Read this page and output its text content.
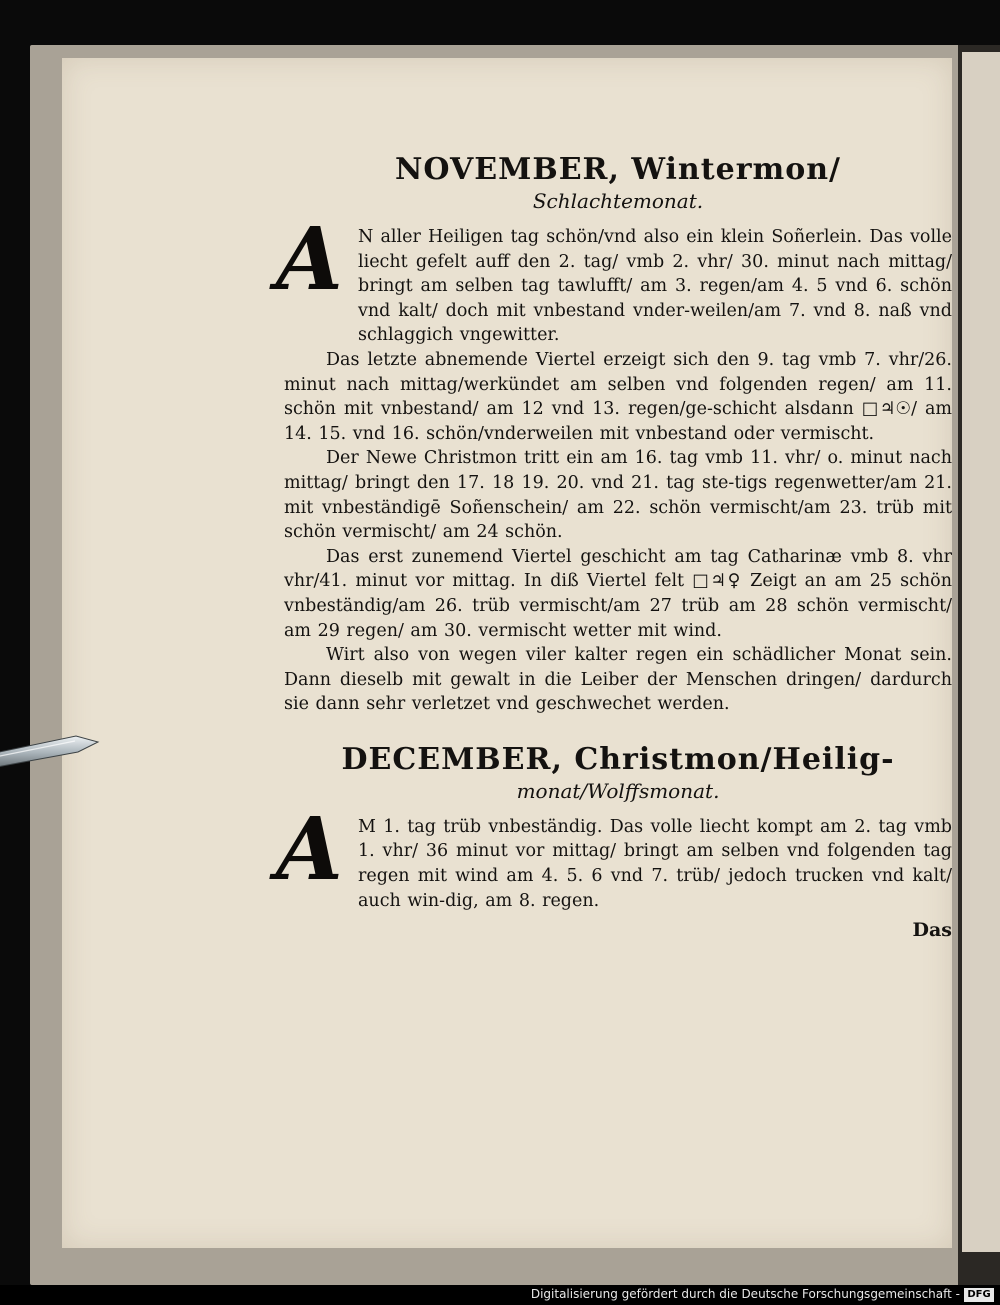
NOVEMBER, Wintermon/

Schlachtemonat.

A N aller Heiligen tag schön/vnd also ein klein Soñerlein. Das volle liecht gefelt auff den 2. tag/ vmb 2. vhr/ 30. minut nach mittag/ bringt am selben tag tawlufft/ am 3. regen/am 4. 5 vnd 6. schön vnd kalt/ doch mit vnbestand vnder-weilen/am 7. vnd 8. naß vnd schlaggich vngewitter.

Das letzte abnemende Viertel erzeigt sich den 9. tag vmb 7. vhr/26. minut nach mittag/werkündet am selben vnd folgenden regen/ am 11. schön mit vnbestand/ am 12 vnd 13. regen/ge-schicht alsdann □♃☉/ am 14. 15. vnd 16. schön/vnderweilen mit vnbestand oder vermischt.

Der Newe Christmon tritt ein am 16. tag vmb 11. vhr/ o. minut nach mittag/ bringt den 17. 18 19. 20. vnd 21. tag ste-tigs regenwetter/am 21. mit vnbeständigē Soñenschein/ am 22. schön vermischt/am 23. trüb mit schön vermischt/ am 24 schön.

Das erst zunemend Viertel geschicht am tag Catharinæ vmb 8. vhr vhr/41. minut vor mittag. In diß Viertel felt □♃♀ Zeigt an am 25 schön vnbeständig/am 26. trüb vermischt/am 27 trüb am 28 schön vermischt/ am 29 regen/ am 30. vermischt wetter mit wind.

Wirt also von wegen viler kalter regen ein schädlicher Monat sein. Dann dieselb mit gewalt in die Leiber der Menschen dringen/ dardurch sie dann sehr verletzet vnd geschwechet werden.

DECEMBER, Christmon/Heilig-

monat/Wolffsmonat.

A M 1. tag trüb vnbeständig. Das volle liecht kompt am 2. tag vmb 1. vhr/ 36 minut vor mittag/ bringt am selben vnd folgenden tag regen mit wind am 4. 5. 6 vnd 7. trüb/ jedoch trucken vnd kalt/ auch win-dig, am 8. regen.

Das
Digitalisierung gefördert durch die Deutsche Forschungsgemeinschaft - DFG
